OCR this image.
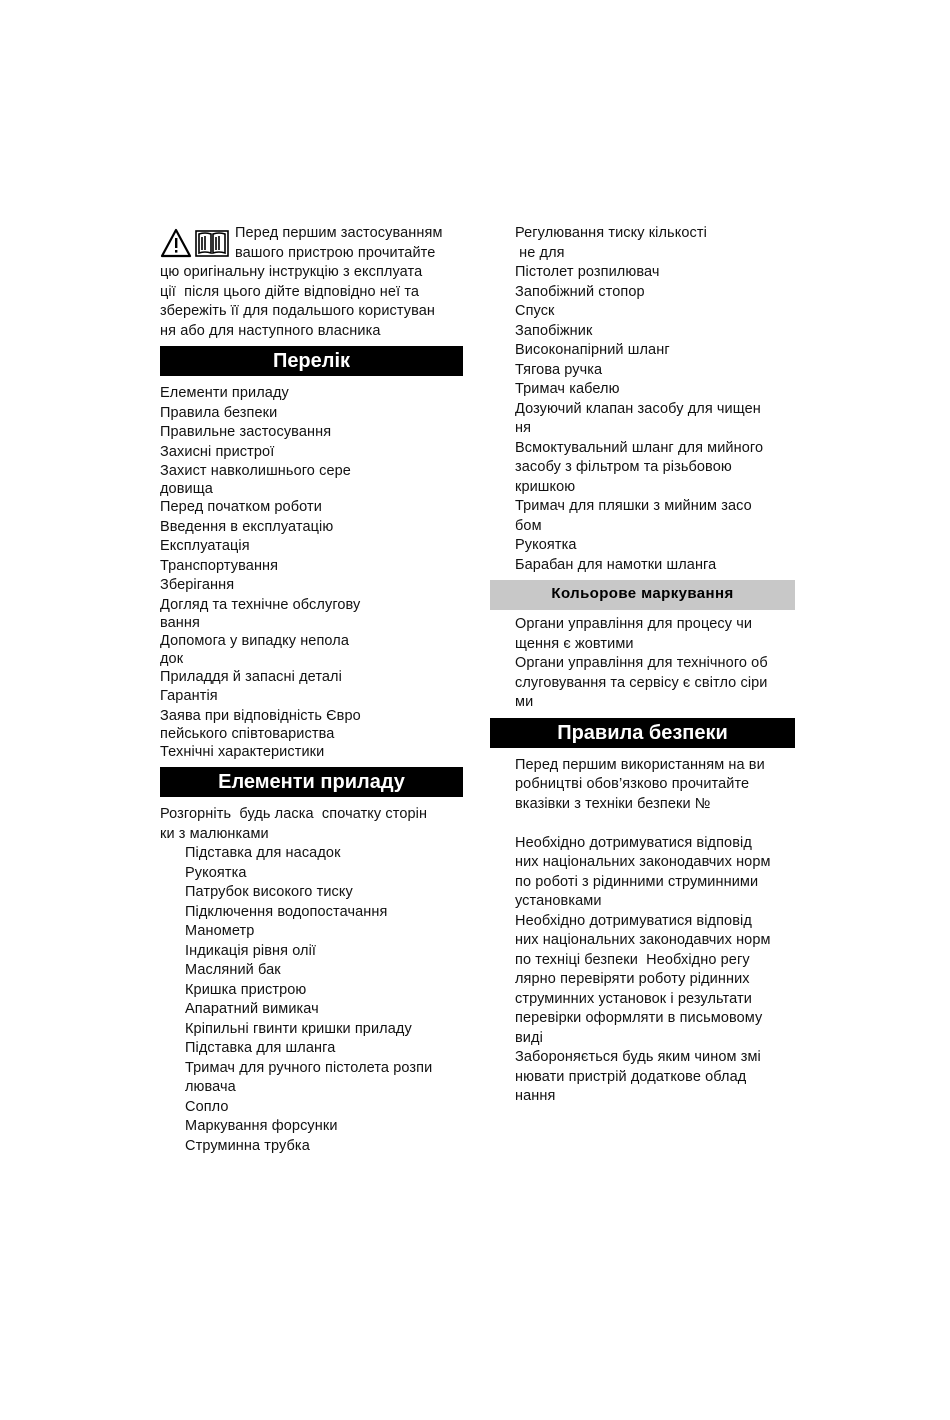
Перед першим застосуванням
вашого пристрою прочитайте
цю оригінальну інструкцію з експлуата
ції  після цього дійте відповідно неї та
збережіть її для подальшого користуван
ня або для наступного власника
Перелік
Елементи приладу
Правила безпеки
Правильне застосування
Захисні пристрої
Захист навколишнього сере
довища
Перед початком роботи
Введення в експлуатацію
Експлуатація
Транспортування
Зберігання
Догляд та технічне обслугову
вання
Допомога у випадку непола
док
Приладдя й запасні деталі
Гарантія
Заява при відповідність Євро
пейського співтовариства
Технічні характеристики
Елементи приладу
Розгорніть  будь ласка  спочатку сторін
ки з малюнками
Підставка для насадок
Рукоятка
Патрубок високого тиску
Підключення водопостачання
Манометр
Індикація рівня олії
Масляний бак
Кришка пристрою
Апаратний вимикач
Кріпильні гвинти кришки приладу
Підставка для шланга
Тримач для ручного пістолета розпи
лювача
Сопло
Маркування форсунки
Струминна трубка
Регулювання тиску кількості
не для
Пістолет розпилювач
Запобіжний стопор
Спуск
Запобіжник
Високонапірний шланг
Тягова ручка
Тримач кабелю
Дозуючий клапан засобу для чищен
ня
Всмоктувальний шланг для мийного
засобу з фільтром та різьбовою
кришкою
Тримач для пляшки з мийним засо
бом
Рукоятка
Барабан для намотки шланга
Кольорове маркування
Органи управління для процесу чи
щення є жовтими
Органи управління для технічного об
слуговування та сервісу є світло сіри
ми
Правила безпеки
Перед першим використанням на ви
робництві обов’язково прочитайте
вказівки з техніки безпеки №
Необхідно дотримуватися відповід
них національних законодавчих норм
по роботі з рідинними струминними
установками
Необхідно дотримуватися відповід
них національних законодавчих норм
по техніці безпеки  Необхідно регу
лярно перевіряти роботу рідинних
струминних установок і результати
перевірки оформляти в письмовому
виді
Забороняється будь яким чином змі
нювати пристрій додаткове облад
нання
